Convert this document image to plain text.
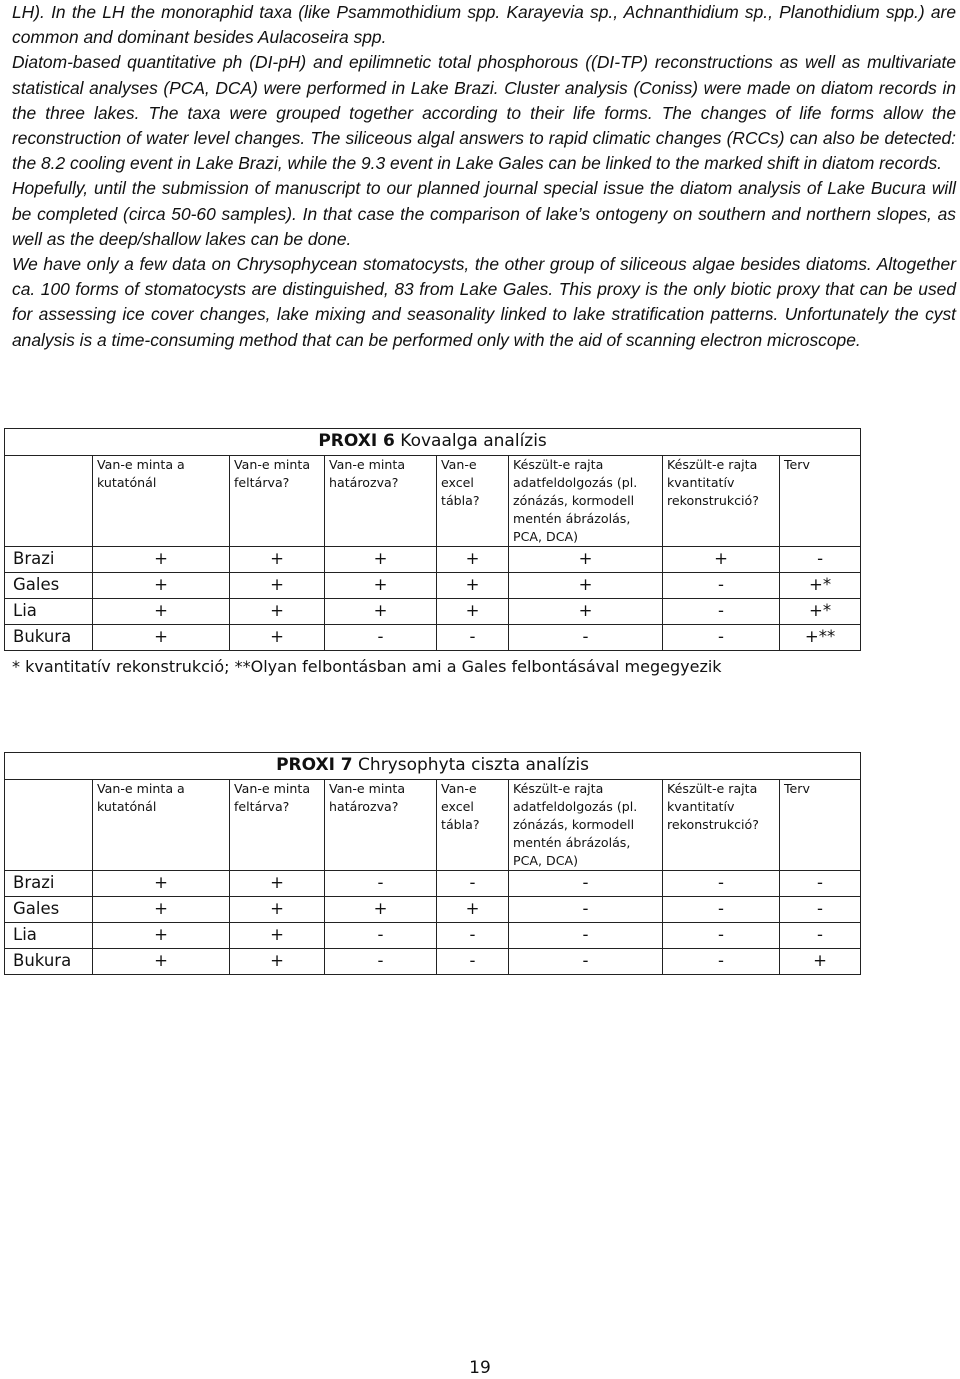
LH). In the LH the monoraphid taxa (like Psammothidium spp. Karayevia sp., Achnanthidium sp., Planothidium spp.) are common and dominant besides Aulacoseira spp.

Diatom-based quantitative ph (DI-pH) and epilimnetic total phosphorous ((DI-TP) reconstructions as well as multivariate statistical analyses (PCA, DCA) were performed in Lake Brazi. Cluster analysis (Coniss) were made on diatom records in the three lakes. The taxa were grouped together according to their life forms. The changes of life forms allow the reconstruction of water level changes. The siliceous algal answers to rapid climatic changes (RCCs) can also be detected: the 8.2 cooling event in Lake Brazi, while the 9.3 event in Lake Gales can be linked to the marked shift in diatom records.

Hopefully, until the submission of manuscript to our planned journal special issue the diatom analysis of Lake Bucura will be completed (circa 50-60 samples). In that case the comparison of lake’s ontogeny on southern and northern slopes, as well as the deep/shallow lakes can be done.

We have only a few data on Chrysophycean stomatocysts, the other group of siliceous algae besides diatoms. Altogether ca. 100 forms of stomatocysts are distinguished, 83 from Lake Gales. This proxy is the only biotic proxy that can be used for assessing ice cover changes, lake mixing and seasonality linked to lake stratification patterns. Unfortunately the cyst analysis is a time-consuming method that can be performed only with the aid of scanning electron microscope.

PROXI 6 Kovaalga analízis							

	Van-e minta a kutatónál	Van-e minta feltárva?	Van-e minta határozva?	Van-e excel tábla?	Készült-e rajta adatfeldolgozás (pl. zónázás, kormodell mentén ábrázolás, PCA, DCA)	Készült-e rajta kvantitatív rekonstrukció?	Terv

Brazi	+	+	+	+	+	+	-
Gales	+	+	+	+	+	-	+*
Lia	+	+	+	+	+	-	+*
Bukura	+	+	-	-	-	-	+**
* kvantitatív rekonstrukció; **Olyan felbontásban ami a Gales felbontásával megegyezik
PROXI 7 Chrysophyta ciszta analízis							

	Van-e minta a kutatónál	Van-e minta feltárva?	Van-e minta határozva?	Van-e excel tábla?	Készült-e rajta adatfeldolgozás (pl. zónázás, kormodell mentén ábrázolás, PCA, DCA)	Készült-e rajta kvantitatív rekonstrukció?	Terv

Brazi	+	+	-	-	-	-	-
Gales	+	+	+	+	-	-	-
Lia	+	+	-	-	-	-	-
Bukura	+	+	-	-	-	-	+
19
